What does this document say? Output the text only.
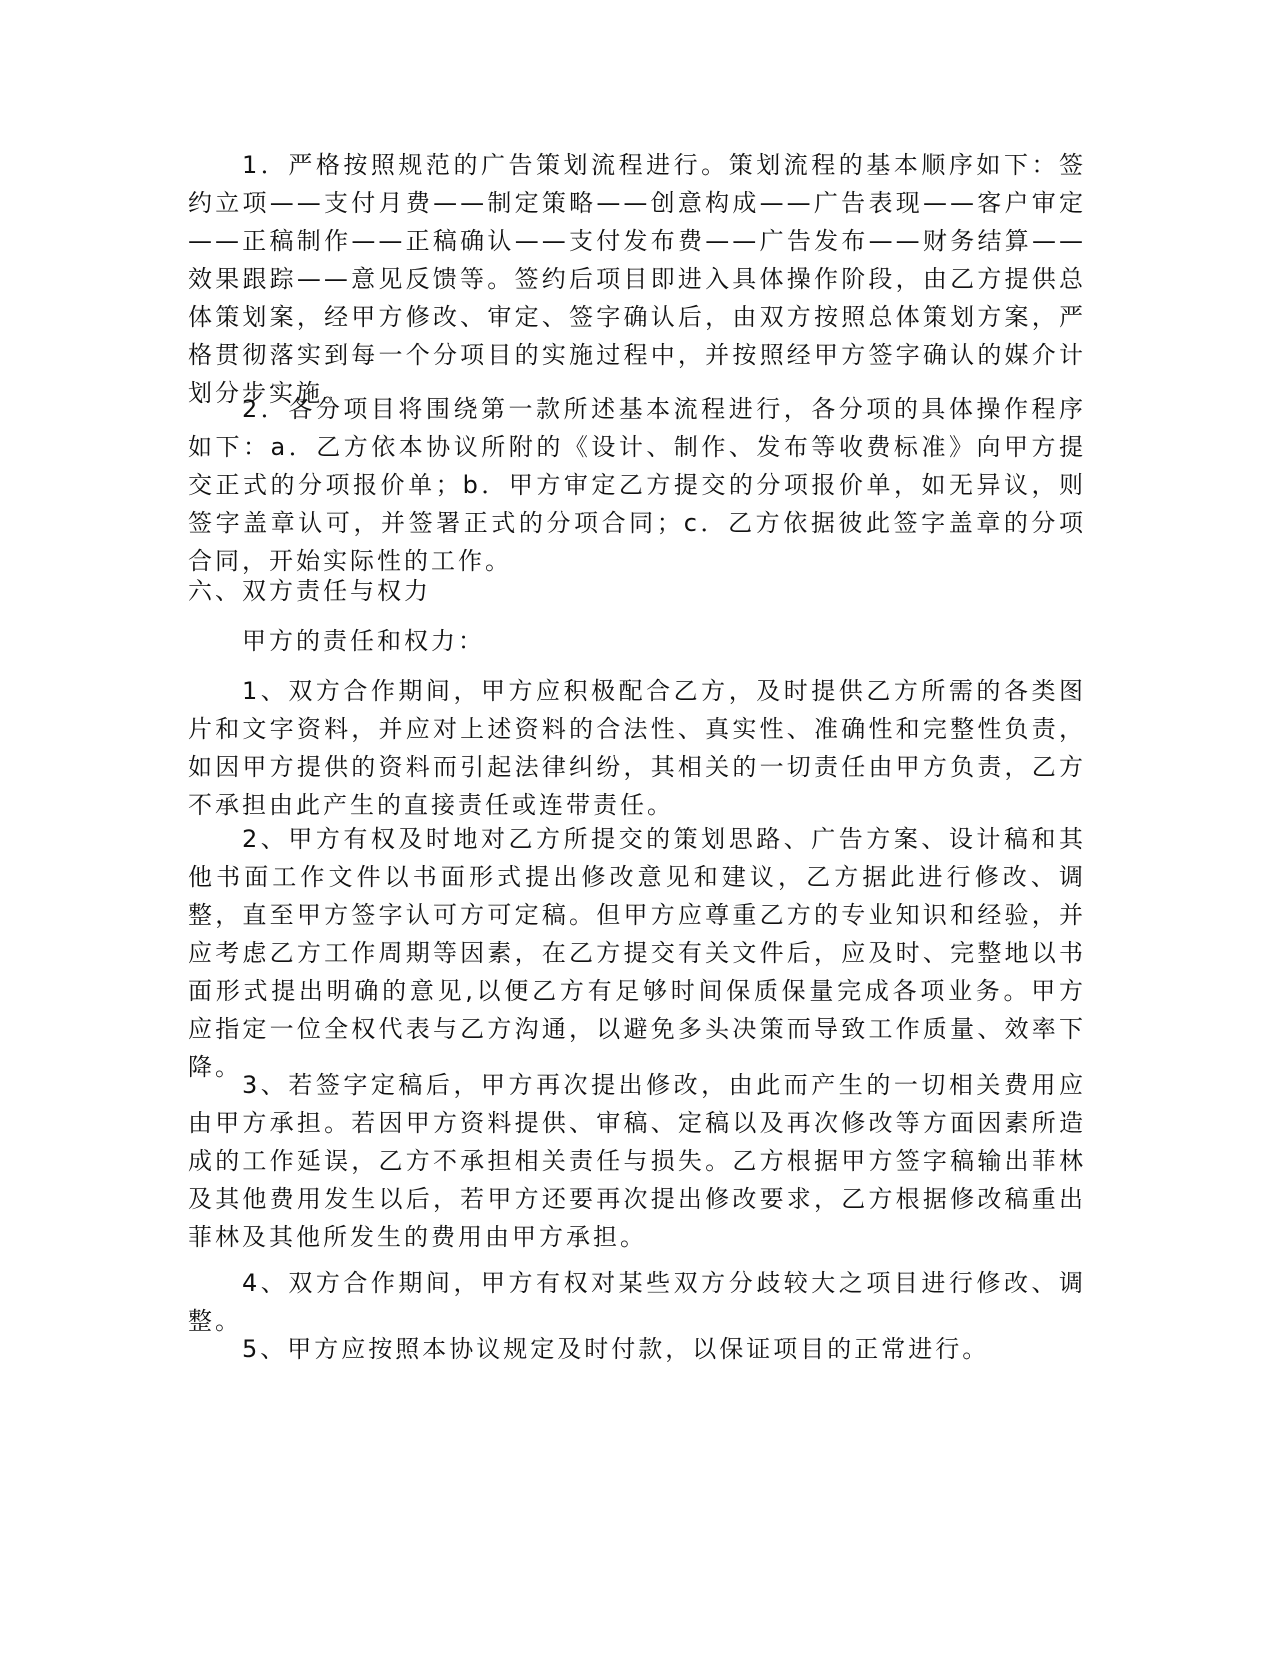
1．严格按照规范的广告策划流程进行。策划流程的基本顺序如下：签约立项——支付月费——制定策略——创意构成——广告表现——客户审定——正稿制作——正稿确认——支付发布费——广告发布——财务结算——效果跟踪——意见反馈等。签约后项目即进入具体操作阶段，由乙方提供总体策划案，经甲方修改、审定、签字确认后，由双方按照总体策划方案，严格贯彻落实到每一个分项目的实施过程中，并按照经甲方签字确认的媒介计划分步实施。

2．各分项目将围绕第一款所述基本流程进行，各分项的具体操作程序如下：a．乙方依本协议所附的《设计、制作、发布等收费标准》向甲方提交正式的分项报价单；b．甲方审定乙方提交的分项报价单，如无异议，则签字盖章认可，并签署正式的分项合同；c．乙方依据彼此签字盖章的分项合同，开始实际性的工作。

六、双方责任与权力

甲方的责任和权力：

1、双方合作期间，甲方应积极配合乙方，及时提供乙方所需的各类图片和文字资料，并应对上述资料的合法性、真实性、准确性和完整性负责，如因甲方提供的资料而引起法律纠纷，其相关的一切责任由甲方负责，乙方不承担由此产生的直接责任或连带责任。

2、甲方有权及时地对乙方所提交的策划思路、广告方案、设计稿和其他书面工作文件以书面形式提出修改意见和建议，乙方据此进行修改、调整，直至甲方签字认可方可定稿。但甲方应尊重乙方的专业知识和经验，并应考虑乙方工作周期等因素，在乙方提交有关文件后，应及时、完整地以书面形式提出明确的意见,以便乙方有足够时间保质保量完成各项业务。甲方应指定一位全权代表与乙方沟通，以避免多头决策而导致工作质量、效率下降。

3、若签字定稿后，甲方再次提出修改，由此而产生的一切相关费用应由甲方承担。若因甲方资料提供、审稿、定稿以及再次修改等方面因素所造成的工作延误，乙方不承担相关责任与损失。乙方根据甲方签字稿输出菲林及其他费用发生以后，若甲方还要再次提出修改要求，乙方根据修改稿重出菲林及其他所发生的费用由甲方承担。

4、双方合作期间，甲方有权对某些双方分歧较大之项目进行修改、调整。

5、甲方应按照本协议规定及时付款，以保证项目的正常进行。
